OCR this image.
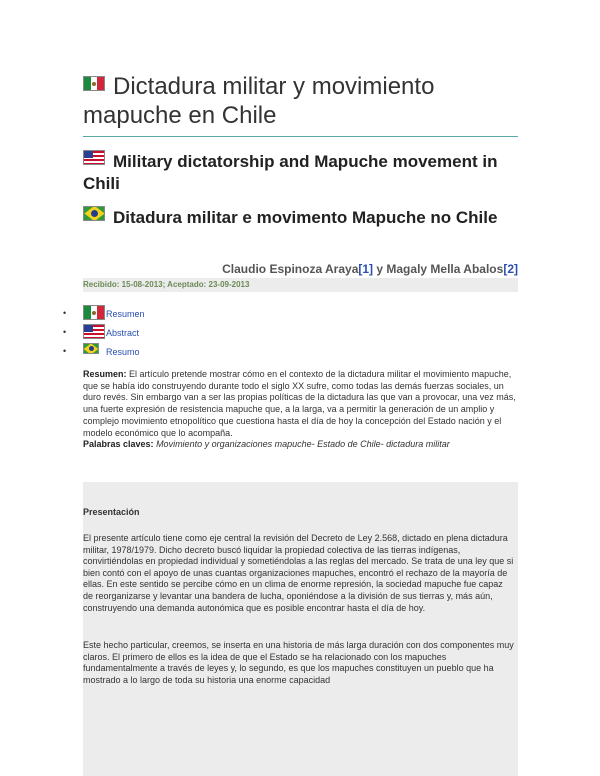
Dictadura militar y movimiento mapuche en Chile
Military dictatorship and Mapuche movement in Chili
Ditadura militar e movimento Mapuche no Chile
Claudio Espinoza Araya[1] y Magaly Mella Abalos[2]
Recibido: 15-08-2013; Aceptado: 23-09-2013
•	Resumen
•	Abstract
•	Resumo

Resumen: El artículo pretende mostrar cómo en el contexto de la dictadura militar el movimiento mapuche, que se había ido construyendo durante todo el siglo XX sufre, como todas las demás fuerzas sociales, un duro revés. Sin embargo van a ser las propias políticas de la dictadura las que van a provocar, una vez más, una fuerte expresión de resistencia mapuche que, a la larga, va a permitir la generación de un amplio y complejo movimiento etnopolítico que cuestiona hasta el día de hoy la concepción del Estado nación y el modelo económico que lo acompaña.
Palabras claves: Movimiento y organizaciones mapuche- Estado de Chile- dictadura militar

Presentación

El presente artículo tiene como eje central la revisión del Decreto de Ley 2.568, dictado en plena dictadura militar, 1978/1979. Dicho decreto buscó liquidar la propiedad colectiva de las tierras indígenas, convirtiéndolas en propiedad individual y sometiéndolas a las reglas del mercado. Se trata de una ley que si bien contó con el apoyo de unas cuantas organizaciones mapuches, encontró el rechazo de la mayoría de ellas. En este sentido se percibe cómo en un clima de enorme represión, la sociedad mapuche fue capaz de reorganizarse y levantar una bandera de lucha, oponiéndose a la división de sus tierras y, más aún, construyendo una demanda autonómica que es posible encontrar hasta el día de hoy.

Este hecho particular, creemos, se inserta en una historia de más larga duración con dos componentes muy claros. El primero de ellos es la idea de que el Estado se ha relacionado con los mapuches fundamentalmente a través de leyes y, lo segundo, es que los mapuches constituyen un pueblo que ha mostrado a lo largo de toda su historia una enorme capacidad
